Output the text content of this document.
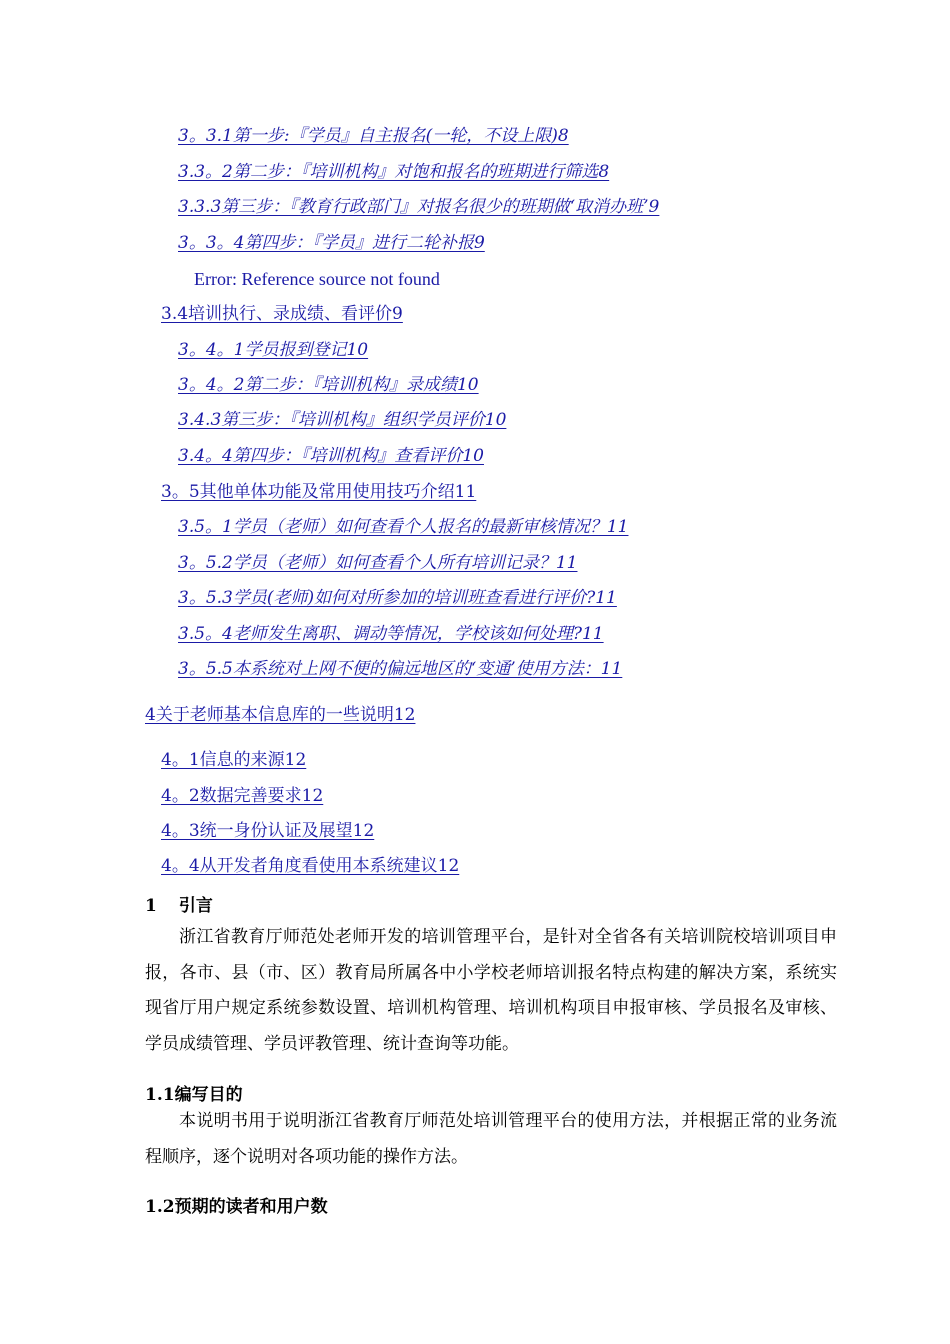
3。3.1第一步:『学员』自主报名(一轮，不设上限)8
3.3。2第二步：『培训机构』对饱和报名的班期进行筛选8
3.3.3第三步：『教育行政部门』对报名很少的班期做‘取消办班’9
3。3。4第四步：『学员』进行二轮补报9
Error: Reference source not found
3.4培训执行、录成绩、看评价9
3。4。1学员报到登记10
3。4。2第二步：『培训机构』录成绩10
3.4.3第三步：『培训机构』组织学员评价10
3.4。4第四步：『培训机构』查看评价10
3。5其他单体功能及常用使用技巧介绍11
3.5。1学员（老师）如何查看个人报名的最新审核情况？11
3。5.2学员（老师）如何查看个人所有培训记录？11
3。5.3学员(老师)如何对所参加的培训班查看进行评价?11
3.5。4老师发生离职、调动等情况，学校该如何处理?11
3。5.5本系统对上网不便的偏远地区的‘变通’使用方法：11
4关于老师基本信息库的一些说明12
4。1信息的来源12
4。2数据完善要求12
4。3统一身份认证及展望12
4。4从开发者角度看使用本系统建议12
1 引言

浙江省教育厅师范处老师开发的培训管理平台，是针对全省各有关培训院校培训项目申报，各市、县（市、区）教育局所属各中小学校老师培训报名特点构建的解决方案，系统实现省厅用户规定系统参数设置、培训机构管理、培训机构项目申报审核、学员报名及审核、学员成绩管理、学员评教管理、统计查询等功能。

1.1编写目的

本说明书用于说明浙江省教育厅师范处培训管理平台的使用方法，并根据正常的业务流程顺序，逐个说明对各项功能的操作方法。

1.2预期的读者和用户数
